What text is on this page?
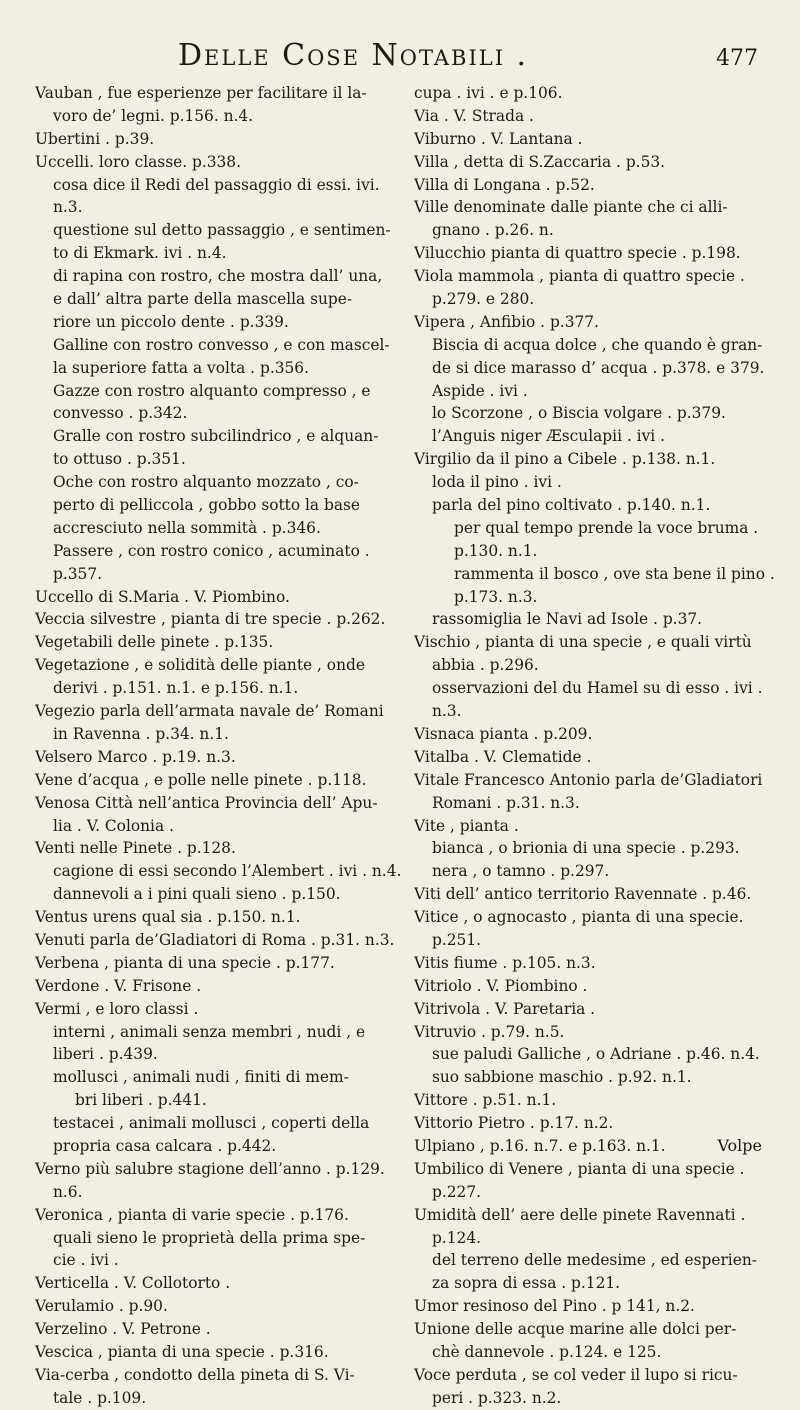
Delle Cose Notabili .	477
Vauban , fue esperienze per facilitare il la-
voro de’ legni. p.156. n.4.
Ubertini . p.39.
Uccelli. loro classe. p.338.
cosa dice il Redi del passaggio di essi. ivi.
n.3.
questione sul detto passaggio , e sentimen-
to di Ekmark. ivi . n.4.
di rapina con rostro, che mostra dall’ una,
e dall’ altra parte della mascella supe-
riore un piccolo dente . p.339.
Galline con rostro convesso , e con mascel-
la superiore fatta a volta . p.356.
Gazze con rostro alquanto compresso , e
convesso . p.342.
Gralle con rostro subcilindrico , e alquan-
to ottuso . p.351.
Oche con rostro alquanto mozzato , co-
perto di pelliccola , gobbo sotto la base
accresciuto nella sommità . p.346.
Passere , con rostro conico , acuminato .
p.357.
Uccello di S.Maria . V. Piombino.
Veccia silvestre , pianta di tre specie . p.262.
Vegetabili delle pinete . p.135.
Vegetazione , e solidità delle piante , onde
derivi . p.151. n.1. e p.156. n.1.
Vegezio parla dell’armata navale de’ Romani
in Ravenna . p.34. n.1.
Velsero Marco . p.19. n.3.
Vene d’acqua , e polle nelle pinete . p.118.
Venosa Città nell’antica Provincia dell’ Apu-
lia . V. Colonia .
Venti nelle Pinete . p.128.
cagione di essi secondo l’Alembert . ivi . n.4.
dannevoli a i pini quali sieno . p.150.
Ventus urens qual sia . p.150. n.1.
Venuti parla de’Gladiatori di Roma . p.31. n.3.
Verbena , pianta di una specie . p.177.
Verdone . V. Frisone .
Vermi , e loro classi .
interni , animali senza membri , nudi , e
liberi . p.439.
mollusci , animali nudi , finiti di mem-
bri liberi . p.441.
testacei , animali mollusci , coperti della
propria casa calcara . p.442.
Verno più salubre stagione dell’anno . p.129.
n.6.
Veronica , pianta di varie specie . p.176.
quali sieno le proprietà della prima spe-
cie . ivi .
Verticella . V. Collotorto .
Verulamio . p.90.
Verzelino . V. Petrone .
Vescica , pianta di una specie . p.316.
Via-cerba , condotto della pineta di S. Vi-
tale . p.109.
cupa . ivi . e p.106.
Via . V. Strada .
Viburno . V. Lantana .
Villa , detta di S.Zaccaria . p.53.
Villa di Longana . p.52.
Ville denominate dalle piante che ci alli-
gnano . p.26. n.
Vilucchio pianta di quattro specie . p.198.
Viola mammola , pianta di quattro specie .
p.279. e 280.
Vipera , Anfibio . p.377.
Biscia di acqua dolce , che quando è gran-
de si dice marasso d’ acqua . p.378. e 379.
Aspide . ivi .
lo Scorzone , o Biscia volgare . p.379.
l’Anguis niger Æsculapii . ivi .
Virgilio da il pino a Cibele . p.138. n.1.
loda il pino . ivi .
parla del pino coltivato . p.140. n.1.
per qual tempo prende la voce bruma .
p.130. n.1.
rammenta il bosco , ove sta bene il pino .
p.173. n.3.
rassomiglia le Navi ad Isole . p.37.
Vischio , pianta di una specie , e quali virtù
abbia . p.296.
osservazioni del du Hamel su di esso . ivi .
n.3.
Visnaca pianta . p.209.
Vitalba . V. Clematide .
Vitale Francesco Antonio parla de’Gladiatori
Romani . p.31. n.3.
Vite , pianta .
bianca , o brionia di una specie . p.293.
nera , o tamno . p.297.
Viti dell’ antico territorio Ravennate . p.46.
Vitice , o agnocasto , pianta di una specie.
p.251.
Vitis fiume . p.105. n.3.
Vitriolo . V. Piombino .
Vitrivola . V. Paretaria .
Vitruvio . p.79. n.5.
sue paludi Galliche , o Adriane . p.46. n.4.
suo sabbione maschio . p.92. n.1.
Vittore . p.51. n.1.
Vittorio Pietro . p.17. n.2.
Ulpiano , p.16. n.7. e p.163. n.1.
Umbilico di Venere , pianta di una specie .
p.227.
Umidità dell’ aere delle pinete Ravennati .
p.124.
del terreno delle medesime , ed esperien-
za sopra di essa . p.121.
Umor resinoso del Pino . p 141, n.2.
Unione delle acque marine alle dolci per-
chè dannevole . p.124. e 125.
Voce perduta , se col veder il lupo si ricu-
peri . p.323. n.2.
Volpe
